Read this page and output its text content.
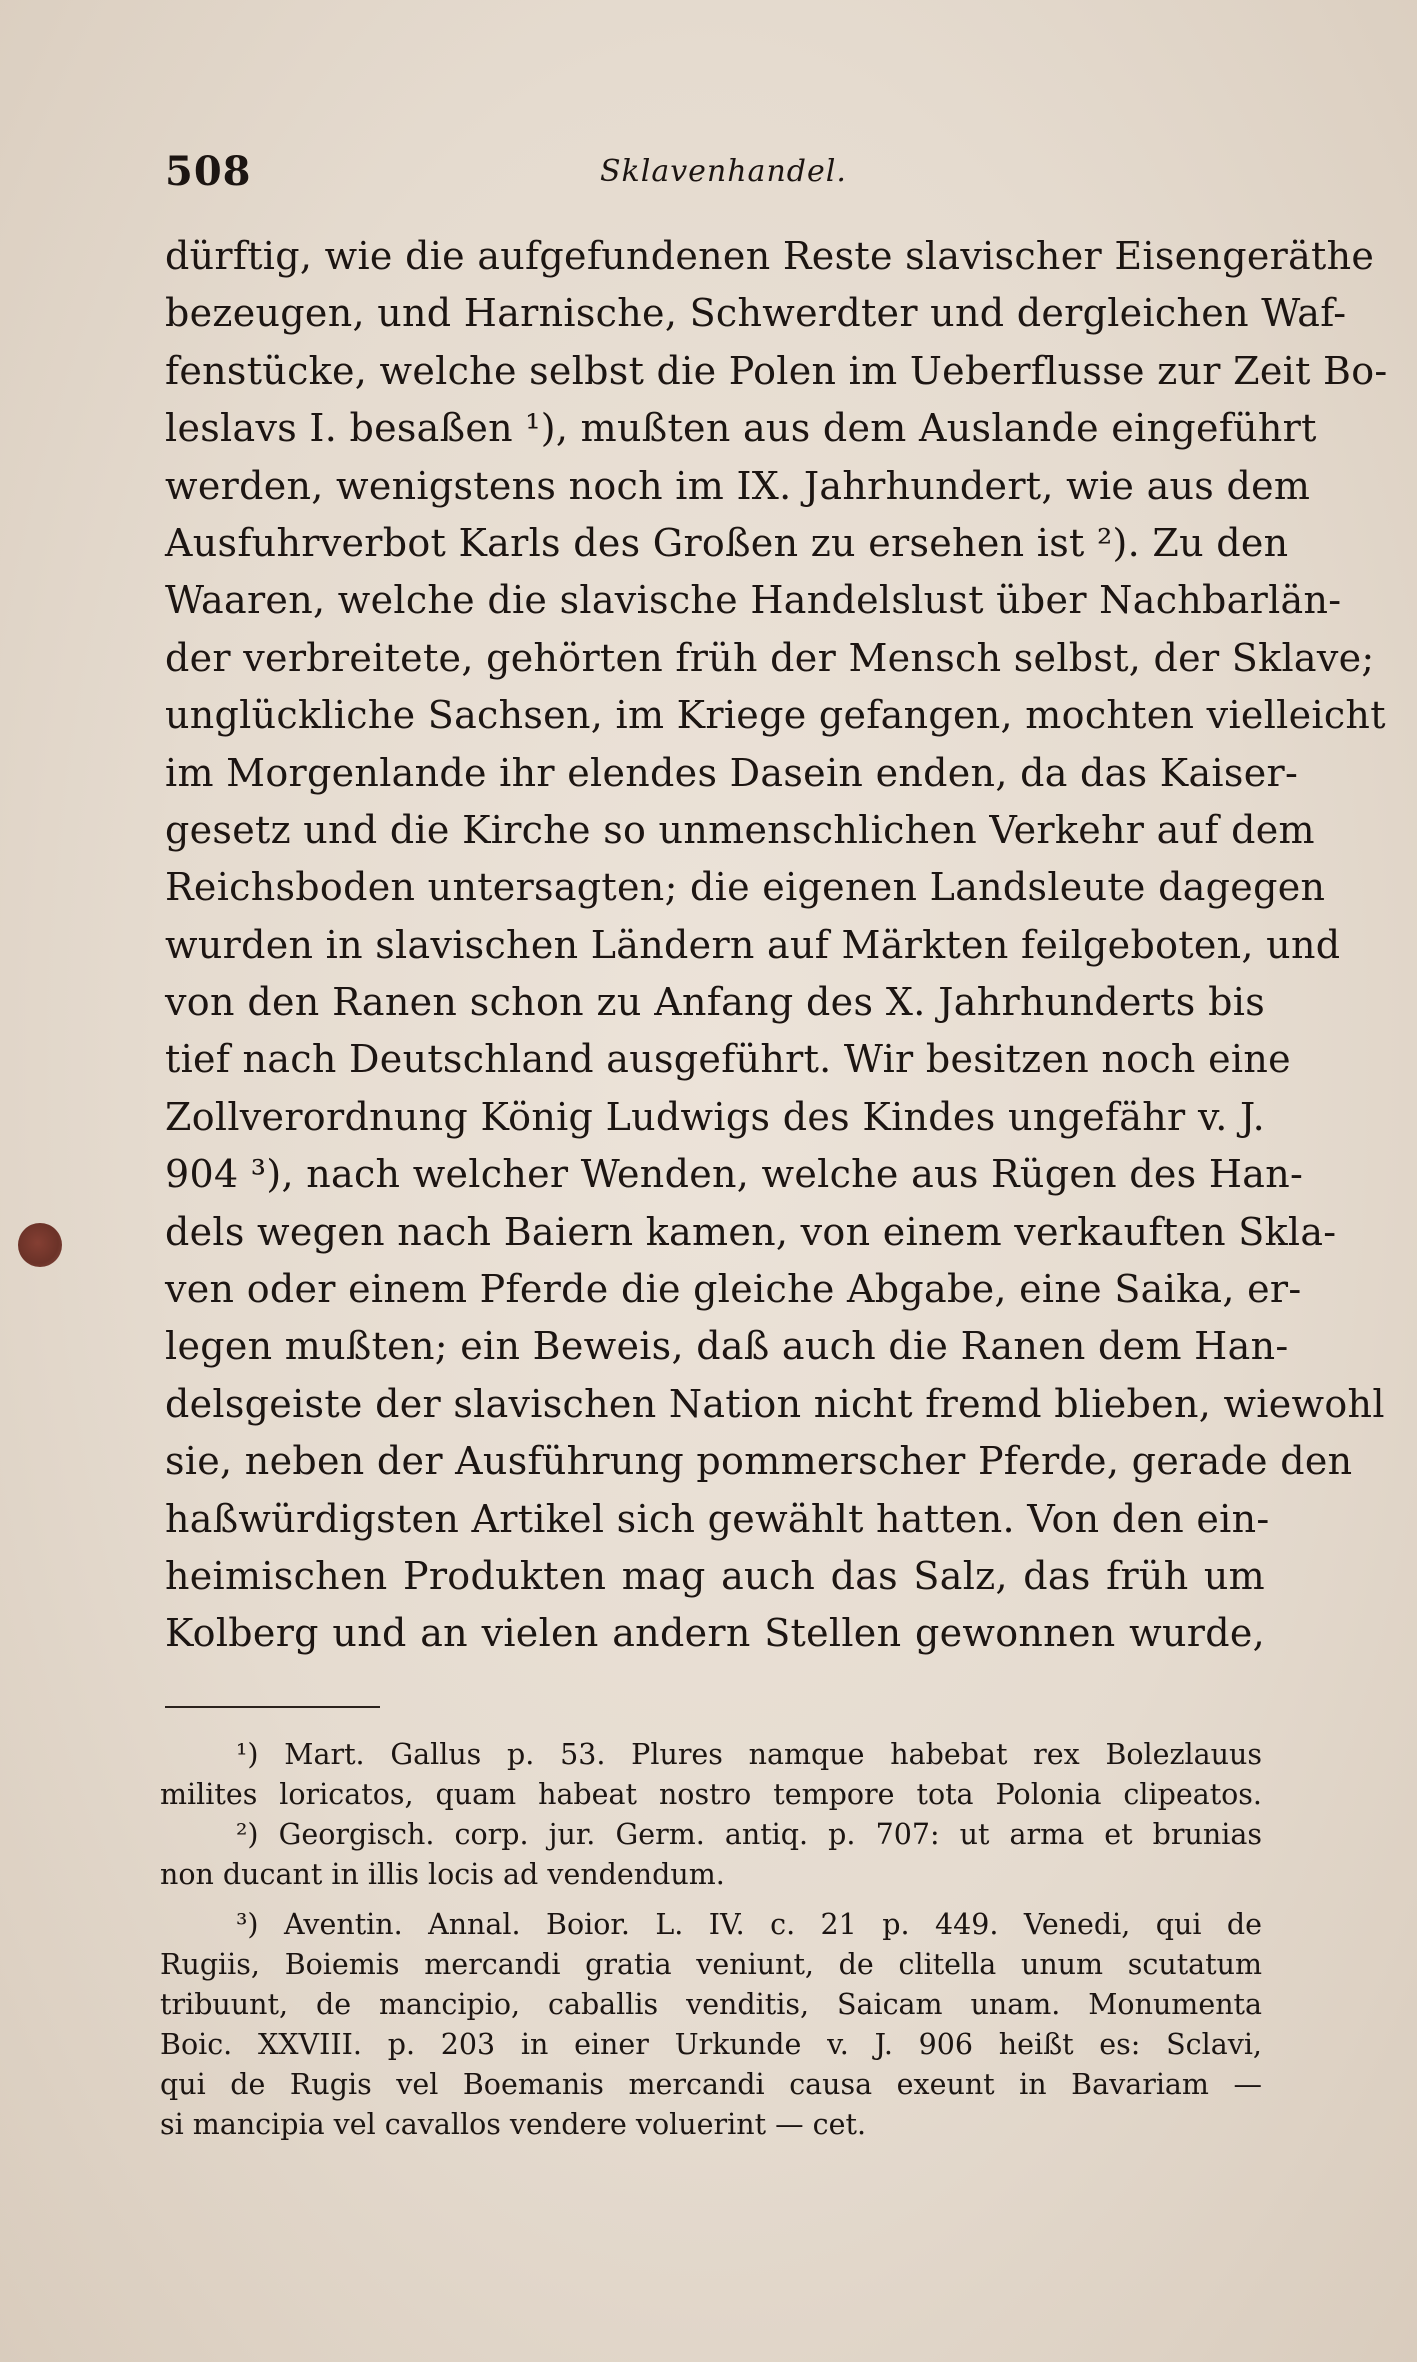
508	Sklavenhandel.
dürftig, wie die aufgefundenen Reste slavischer Eisengeräthe
bezeugen, und Harnische, Schwerdter und dergleichen Waf-
fenstücke, welche selbst die Polen im Ueberflusse zur Zeit Bo-
leslavs I. besaßen ¹), mußten aus dem Auslande eingeführt
werden, wenigstens noch im IX. Jahrhundert, wie aus dem
Ausfuhrverbot Karls des Großen zu ersehen ist ²). Zu den
Waaren, welche die slavische Handelslust über Nachbarlän-
der verbreitete, gehörten früh der Mensch selbst, der Sklave;
unglückliche Sachsen, im Kriege gefangen, mochten vielleicht
im Morgenlande ihr elendes Dasein enden, da das Kaiser-
gesetz und die Kirche so unmenschlichen Verkehr auf dem
Reichsboden untersagten; die eigenen Landsleute dagegen
wurden in slavischen Ländern auf Märkten feilgeboten, und
von den Ranen schon zu Anfang des X. Jahrhunderts bis
tief nach Deutschland ausgeführt. Wir besitzen noch eine
Zollverordnung König Ludwigs des Kindes ungefähr v. J.
904 ³), nach welcher Wenden, welche aus Rügen des Han-
dels wegen nach Baiern kamen, von einem verkauften Skla-
ven oder einem Pferde die gleiche Abgabe, eine Saika, er-
legen mußten; ein Beweis, daß auch die Ranen dem Han-
delsgeiste der slavischen Nation nicht fremd blieben, wiewohl
sie, neben der Ausführung pommerscher Pferde, gerade den
haßwürdigsten Artikel sich gewählt hatten. Von den ein-
heimischen Produkten mag auch das Salz, das früh um
Kolberg und an vielen andern Stellen gewonnen wurde,
¹) Mart. Gallus p. 53. Plures namque habebat rex Bolezlauus
milites loricatos, quam habeat nostro tempore tota Polonia clipeatos.
²) Georgisch. corp. jur. Germ. antiq. p. 707: ut arma et brunias
non ducant in illis locis ad vendendum.
³) Aventin. Annal. Boior. L. IV. c. 21 p. 449. Venedi, qui de
Rugiis, Boiemis mercandi gratia veniunt, de clitella unum scutatum
tribuunt, de mancipio, caballis venditis, Saicam unam. Monumenta
Boic. XXVIII. p. 203 in einer Urkunde v. J. 906 heißt es: Sclavi,
qui de Rugis vel Boemanis mercandi causa exeunt in Bavariam —
si mancipia vel cavallos vendere voluerint — cet.
